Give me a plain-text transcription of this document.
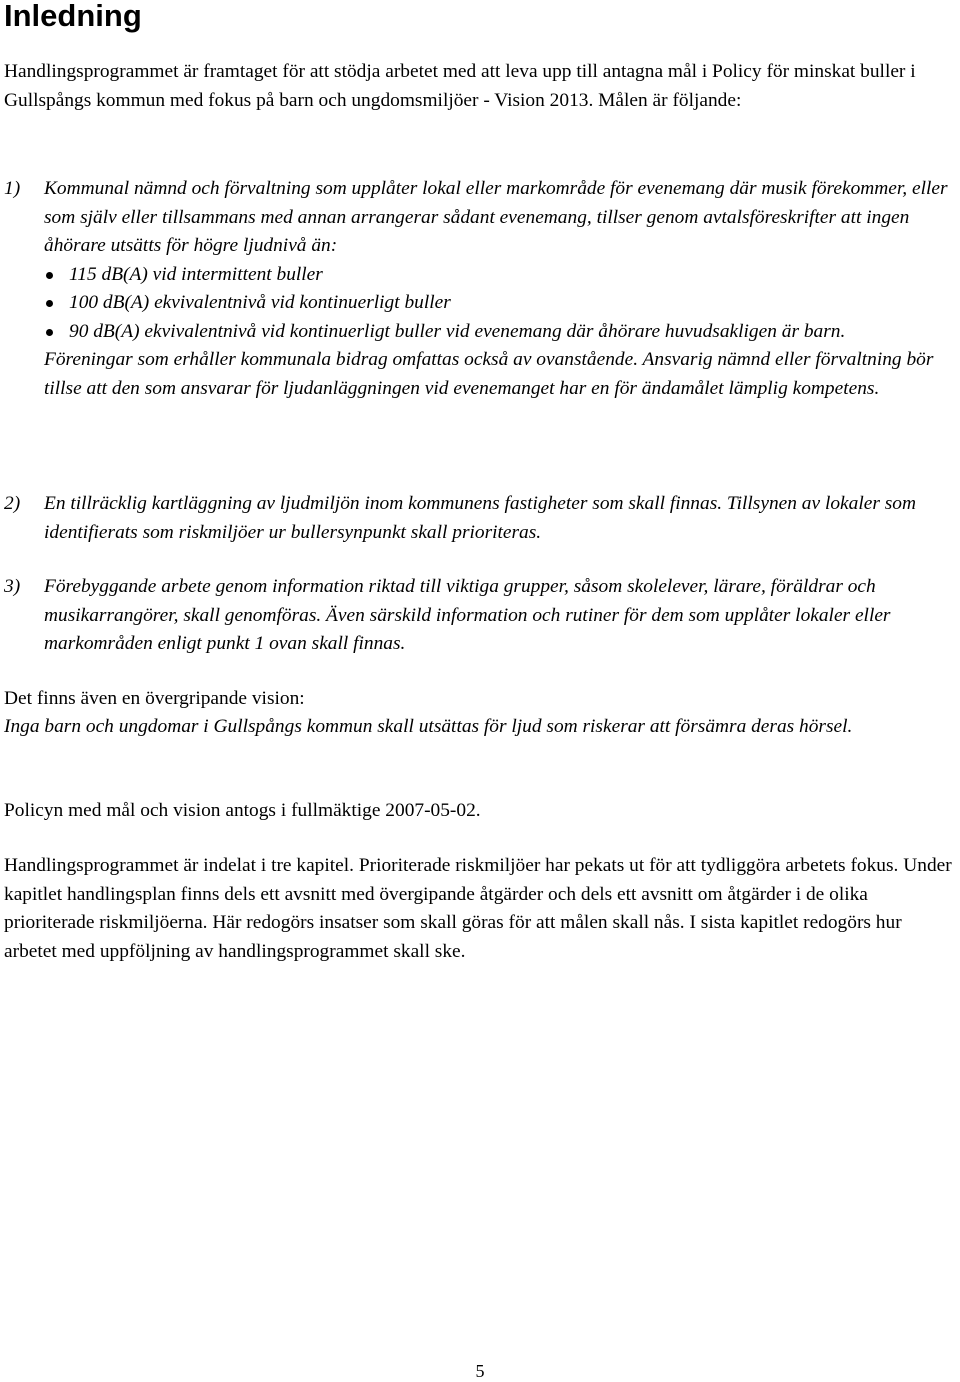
Inledning

Handlingsprogrammet är framtaget för att stödja arbetet med att leva upp till antagna mål i Policy för minskat buller i Gullspångs kommun med fokus på barn och ungdomsmiljöer - Vision 2013. Målen är följande:

1) Kommunal nämnd och förvaltning som upplåter lokal eller markområde för evenemang där musik förekommer, eller som själv eller tillsammans med annan arrangerar sådant evenemang, tillser genom avtalsföreskrifter att ingen åhörare utsätts för högre ljudnivå än:
115 dB(A) vid intermittent buller
100 dB(A) ekvivalentnivå vid kontinuerligt buller
90 dB(A) ekvivalentnivå vid kontinuerligt buller vid evenemang där åhörare huvudsakligen är barn.
Föreningar som erhåller kommunala bidrag omfattas också av ovanstående. Ansvarig nämnd eller förvaltning bör tillse att den som ansvarar för ljudanläggningen vid evenemanget har en för ändamålet lämplig kompetens.
2) En tillräcklig kartläggning av ljudmiljön inom kommunens fastigheter som skall finnas. Tillsynen av lokaler som identifierats som riskmiljöer ur bullersynpunkt skall prioriteras.
3) Förebyggande arbete genom information riktad till viktiga grupper, såsom skolelever, lärare, föräldrar och musikarrangörer, skall genomföras. Även särskild information och rutiner för dem som upplåter lokaler eller markområden enligt punkt 1 ovan skall finnas.

Det finns även en övergripande vision:

Inga barn och ungdomar i Gullspångs kommun skall utsättas för ljud som riskerar att försämra deras hörsel.

Policyn med mål och vision antogs i fullmäktige 2007-05-02.

Handlingsprogrammet är indelat i tre kapitel. Prioriterade riskmiljöer har pekats ut för att tydliggöra arbetets fokus. Under kapitlet handlingsplan finns dels ett avsnitt med övergipande åtgärder och dels ett avsnitt om åtgärder i de olika prioriterade riskmiljöerna. Här redogörs insatser som skall göras för att målen skall nås. I sista kapitlet redogörs hur arbetet med uppföljning av handlingsprogrammet skall ske.

5
